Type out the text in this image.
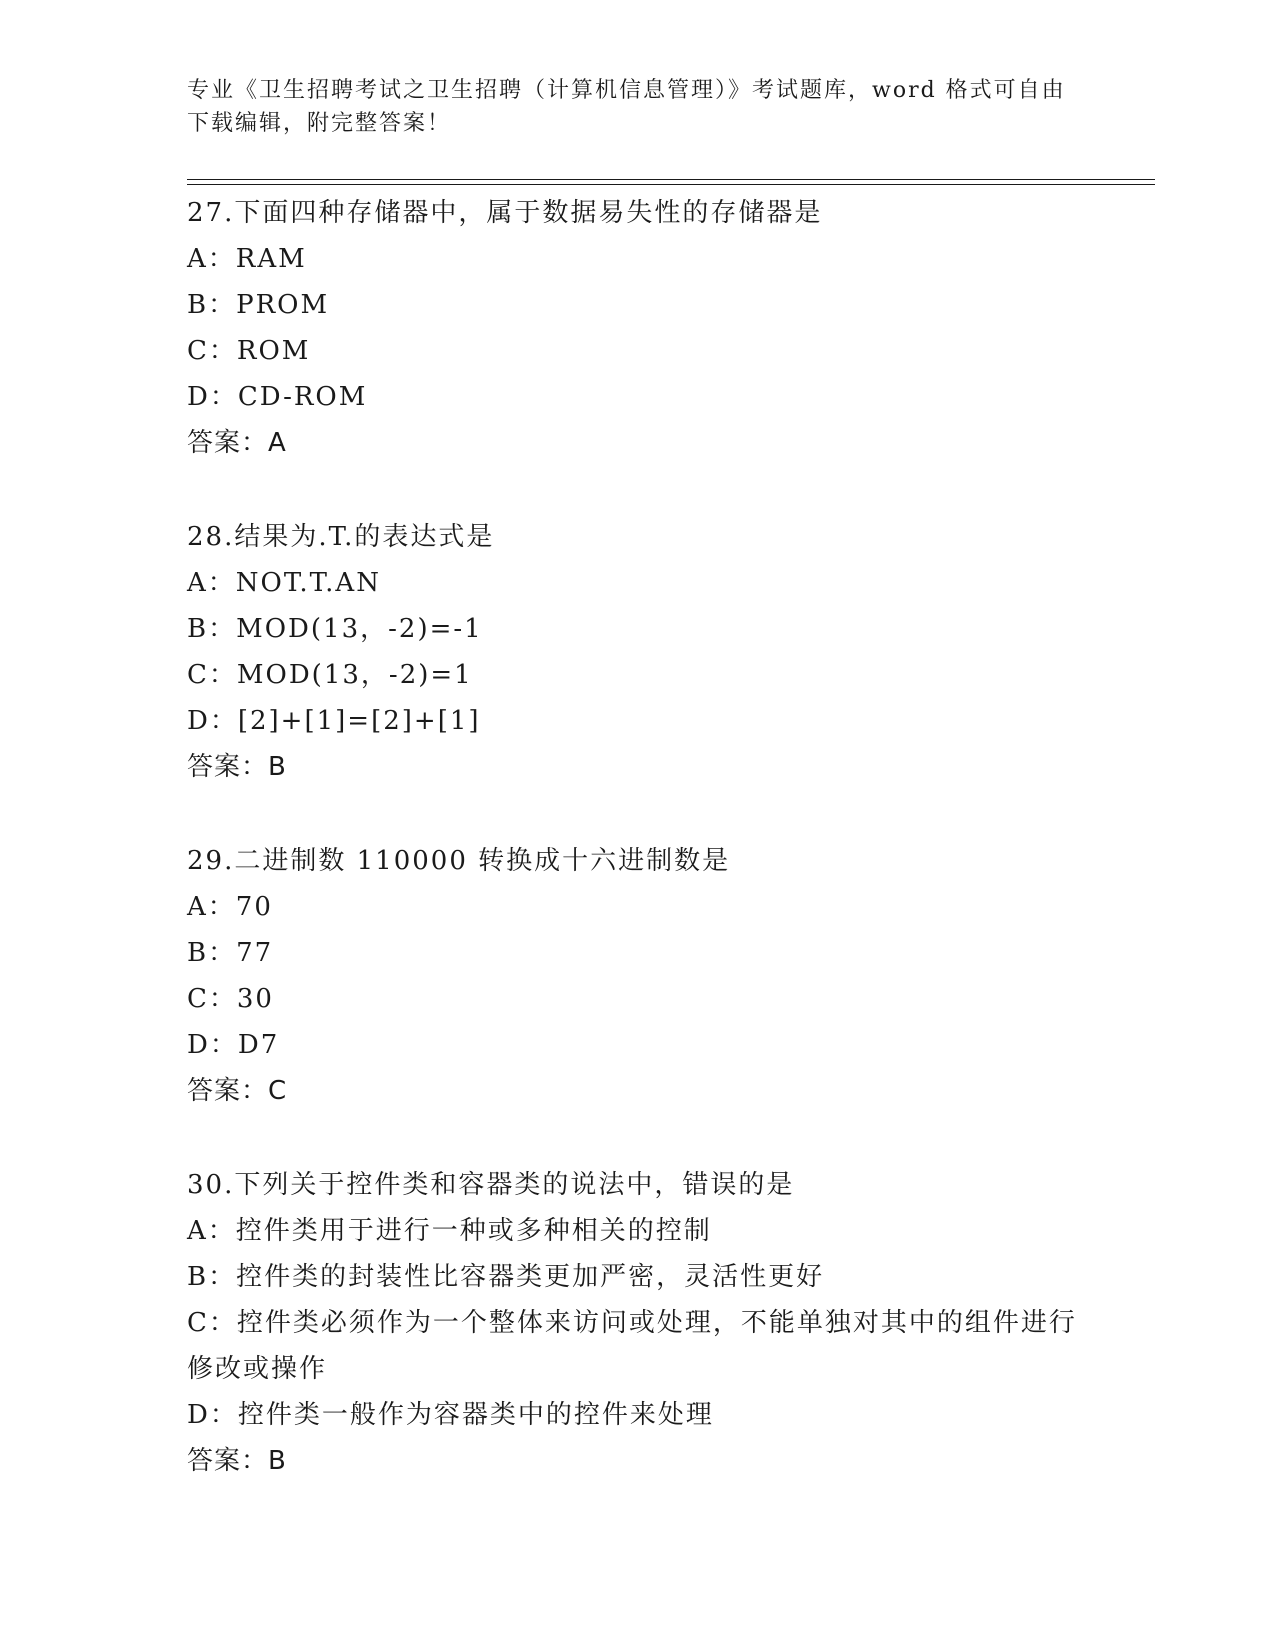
专业《卫生招聘考试之卫生招聘（计算机信息管理）》考试题库，word 格式可自由下载编辑，附完整答案！
27.下面四种存储器中，属于数据易失性的存储器是
A：RAM
B：PROM
C：ROM
D：CD-ROM
答案：A
28.结果为.T.的表达式是
A：NOT.T.AN
B：MOD(13，-2)=-1
C：MOD(13，-2)=1
D：[2]+[1]=[2]+[1]
答案：B
29.二进制数 110000 转换成十六进制数是
A：70
B：77
C：30
D：D7
答案：C
30.下列关于控件类和容器类的说法中，错误的是
A：控件类用于进行一种或多种相关的控制
B：控件类的封装性比容器类更加严密，灵活性更好
C：控件类必须作为一个整体来访问或处理，不能单独对其中的组件进行修改或操作
D：控件类一般作为容器类中的控件来处理
答案：B
